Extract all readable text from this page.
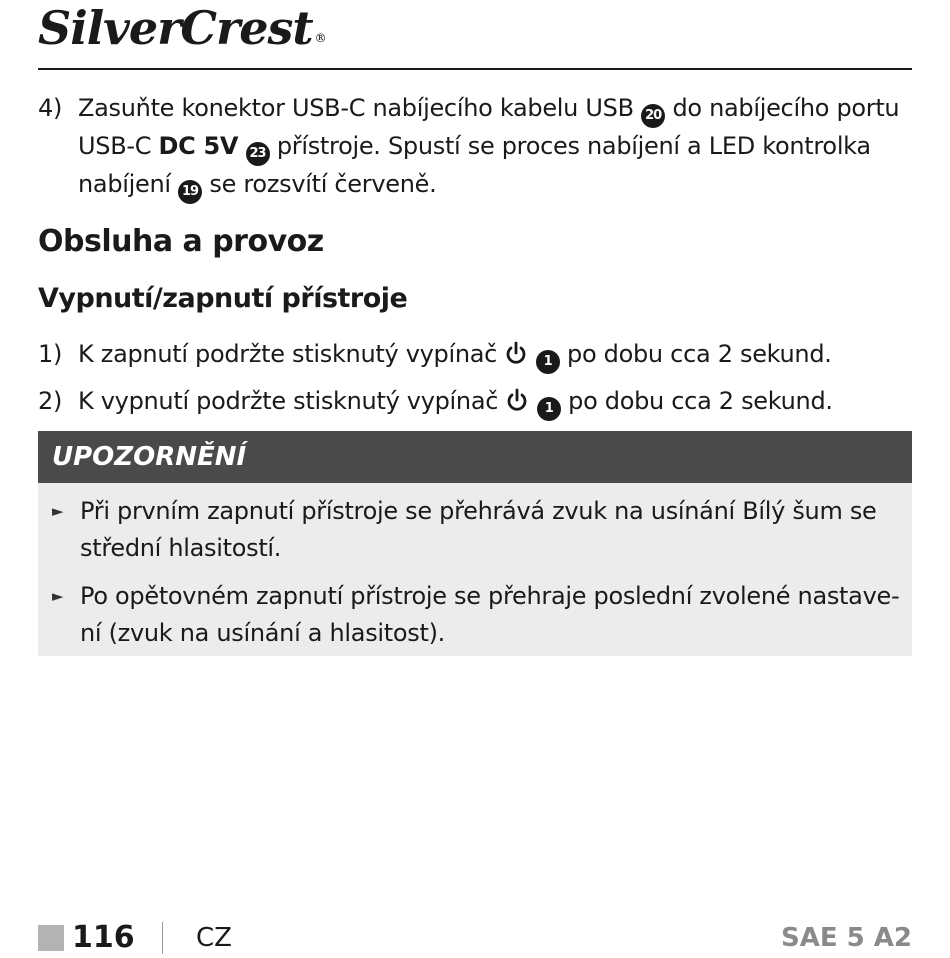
SilverCrest ®
4) Zasuňte konektor USB-C nabíjecího kabelu USB 20 do nabíjecího portu USB-C DC 5V 23 přístroje. Spustí se proces nabíjení a LED kontrolka nabíjení 19 se rozsvítí červeně.
Obsluha a provoz
Vypnutí/zapnutí přístroje
1) K zapnutí podržte stisknutý vypínač	1 po dobu cca 2 sekund.
2) K vypnutí podržte stisknutý vypínač	1 po dobu cca 2 sekund.
UPOZORNĚNÍ
► Při prvním zapnutí přístroje se přehrává zvuk na usínání Bílý šum se střední hlasitostí.
► Po opětovném zapnutí přístroje se přehraje poslední zvolené nastave-ní (zvuk na usínání a hlasitost).
116 CZ	SAE 5 A2
